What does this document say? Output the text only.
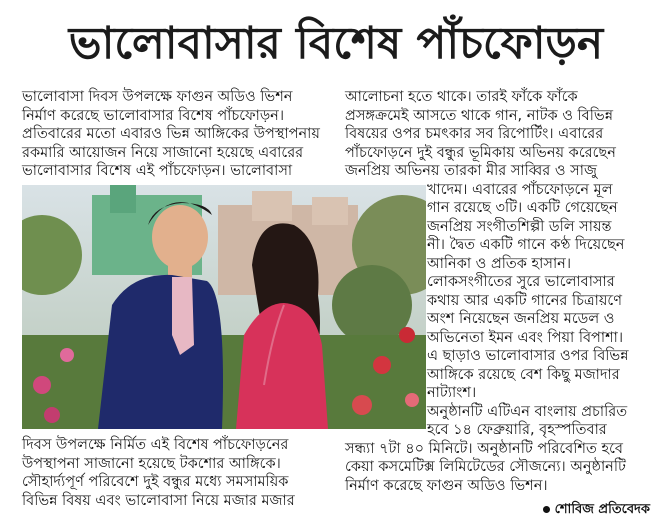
ভালোবাসার বিশেষ পাঁচফোড়ন

ভালোবাসা দিবস উপলক্ষে ফাগুন অডিও ভিশন

নির্মাণ করেছে ভালোবাসার বিশেষ পাঁচফোড়ন।

প্রতিবারের মতো এবারও ভিন্ন আঙ্গিকের উপস্থাপনায়

রকমারি আয়োজন নিয়ে সাজানো হয়েছে এবারের

ভালোবাসার বিশেষ এই পাঁচফোড়ন। ভালোবাসা

দিবস উপলক্ষে নির্মিত এই বিশেষ পাঁচফোড়নের

উপস্থাপনা সাজানো হয়েছে টকশোর আঙ্গিকে।

সৌহার্দ্যপূর্ণ পরিবেশে দুই বন্ধুর মধ্যে সমসাময়িক

বিভিন্ন বিষয় এবং ভালোবাসা নিয়ে মজার মজার

আলোচনা হতে থাকে। তারই ফাঁকে ফাঁকে

প্রসঙ্গক্রমেই আসতে থাকে গান, নাটক ও বিভিন্ন

বিষয়ের ওপর চমৎকার সব রিপোর্টিং। এবারের

পাঁচফোড়নে দুই বন্ধুর ভূমিকায় অভিনয় করেছেন

জনপ্রিয় অভিনয় তারকা মীর সাব্বির ও সাজু

খাদেম। এবারের পাঁচফোড়নে মূল

গান রয়েছে ৩টি। একটি গেয়েছেন

জনপ্রিয় সংগীতশিল্পী ডলি সায়ন্ত

নী। দ্বৈত একটি গানে কণ্ঠ দিয়েছেন

আনিকা ও প্রতিক হাসান।

লোকসংগীতের সুরে ভালোবাসার

কথায় আর একটি গানের চিত্রায়ণে

অংশ নিয়েছেন জনপ্রিয় মডেল ও

অভিনেতা ইমন এবং পিয়া বিপাশা।

এ ছাড়াও ভালোবাসার ওপর বিভিন্ন

আঙ্গিকে রয়েছে বেশ কিছু মজাদার

নাট্যাংশ।

অনুষ্ঠানটি এটিএন বাংলায় প্রচারিত

হবে ১৪ ফেব্রুয়ারি, বৃহস্পতিবার

সন্ধ্যা ৭টা ৪০ মিনিটে। অনুষ্ঠানটি পরিবেশিত হবে

কেয়া কসমেটিক্স লিমিটেডের সৌজন্যে। অনুষ্ঠানটি

নির্মাণ করেছে ফাগুন অডিও ভিশন।

শোবিজ প্রতিবেদক
